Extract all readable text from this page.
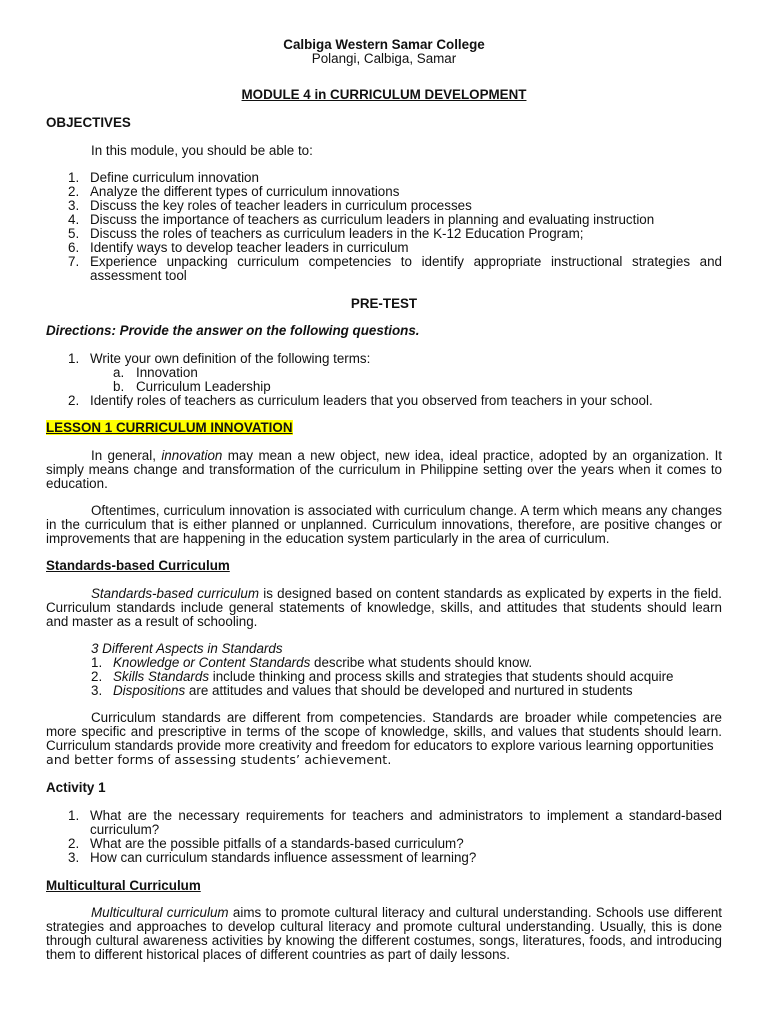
Calbiga Western Samar College

Polangi, Calbiga, Samar

MODULE 4 in CURRICULUM DEVELOPMENT

OBJECTIVES

In this module, you should be able to:

1. Define curriculum innovation
2. Analyze the different types of curriculum innovations
3. Discuss the key roles of teacher leaders in curriculum processes
4. Discuss the importance of teachers as curriculum leaders in planning and evaluating instruction
5. Discuss the roles of teachers as curriculum leaders in the K-12 Education Program;
6. Identify ways to develop teacher leaders in curriculum
7. Experience unpacking curriculum competencies to identify appropriate instructional strategies and assessment tool

PRE-TEST

Directions: Provide the answer on the following questions.

1. Write your own definition of the following terms:
a. Innovation
b. Curriculum Leadership
2. Identify roles of teachers as curriculum leaders that you observed from teachers in your school.

LESSON 1 CURRICULUM INNOVATION

In general, innovation may mean a new object, new idea, ideal practice, adopted by an organization. It simply means change and transformation of the curriculum in Philippine setting over the years when it comes to education.

Oftentimes, curriculum innovation is associated with curriculum change. A term which means any changes in the curriculum that is either planned or unplanned. Curriculum innovations, therefore, are positive changes or improvements that are happening in the education system particularly in the area of curriculum.

Standards-based Curriculum

Standards-based curriculum is designed based on content standards as explicated by experts in the field. Curriculum standards include general statements of knowledge, skills, and attitudes that students should learn and master as a result of schooling.

3 Different Aspects in Standards

1. Knowledge or Content Standards describe what students should know.
2. Skills Standards include thinking and process skills and strategies that students should acquire
3. Dispositions are attitudes and values that should be developed and nurtured in students

Curriculum standards are different from competencies. Standards are broader while competencies are more specific and prescriptive in terms of the scope of knowledge, skills, and values that students should learn. Curriculum standards provide more creativity and freedom for educators to explore various learning opportunities

and better forms of assessing students’ achievement.

Activity 1

1. What are the necessary requirements for teachers and administrators to implement a standard-based curriculum?
2. What are the possible pitfalls of a standards-based curriculum?
3. How can curriculum standards influence assessment of learning?

Multicultural Curriculum

Multicultural curriculum aims to promote cultural literacy and cultural understanding. Schools use different strategies and approaches to develop cultural literacy and promote cultural understanding. Usually, this is done through cultural awareness activities by knowing the different costumes, songs, literatures, foods, and introducing them to different historical places of different countries as part of daily lessons.
